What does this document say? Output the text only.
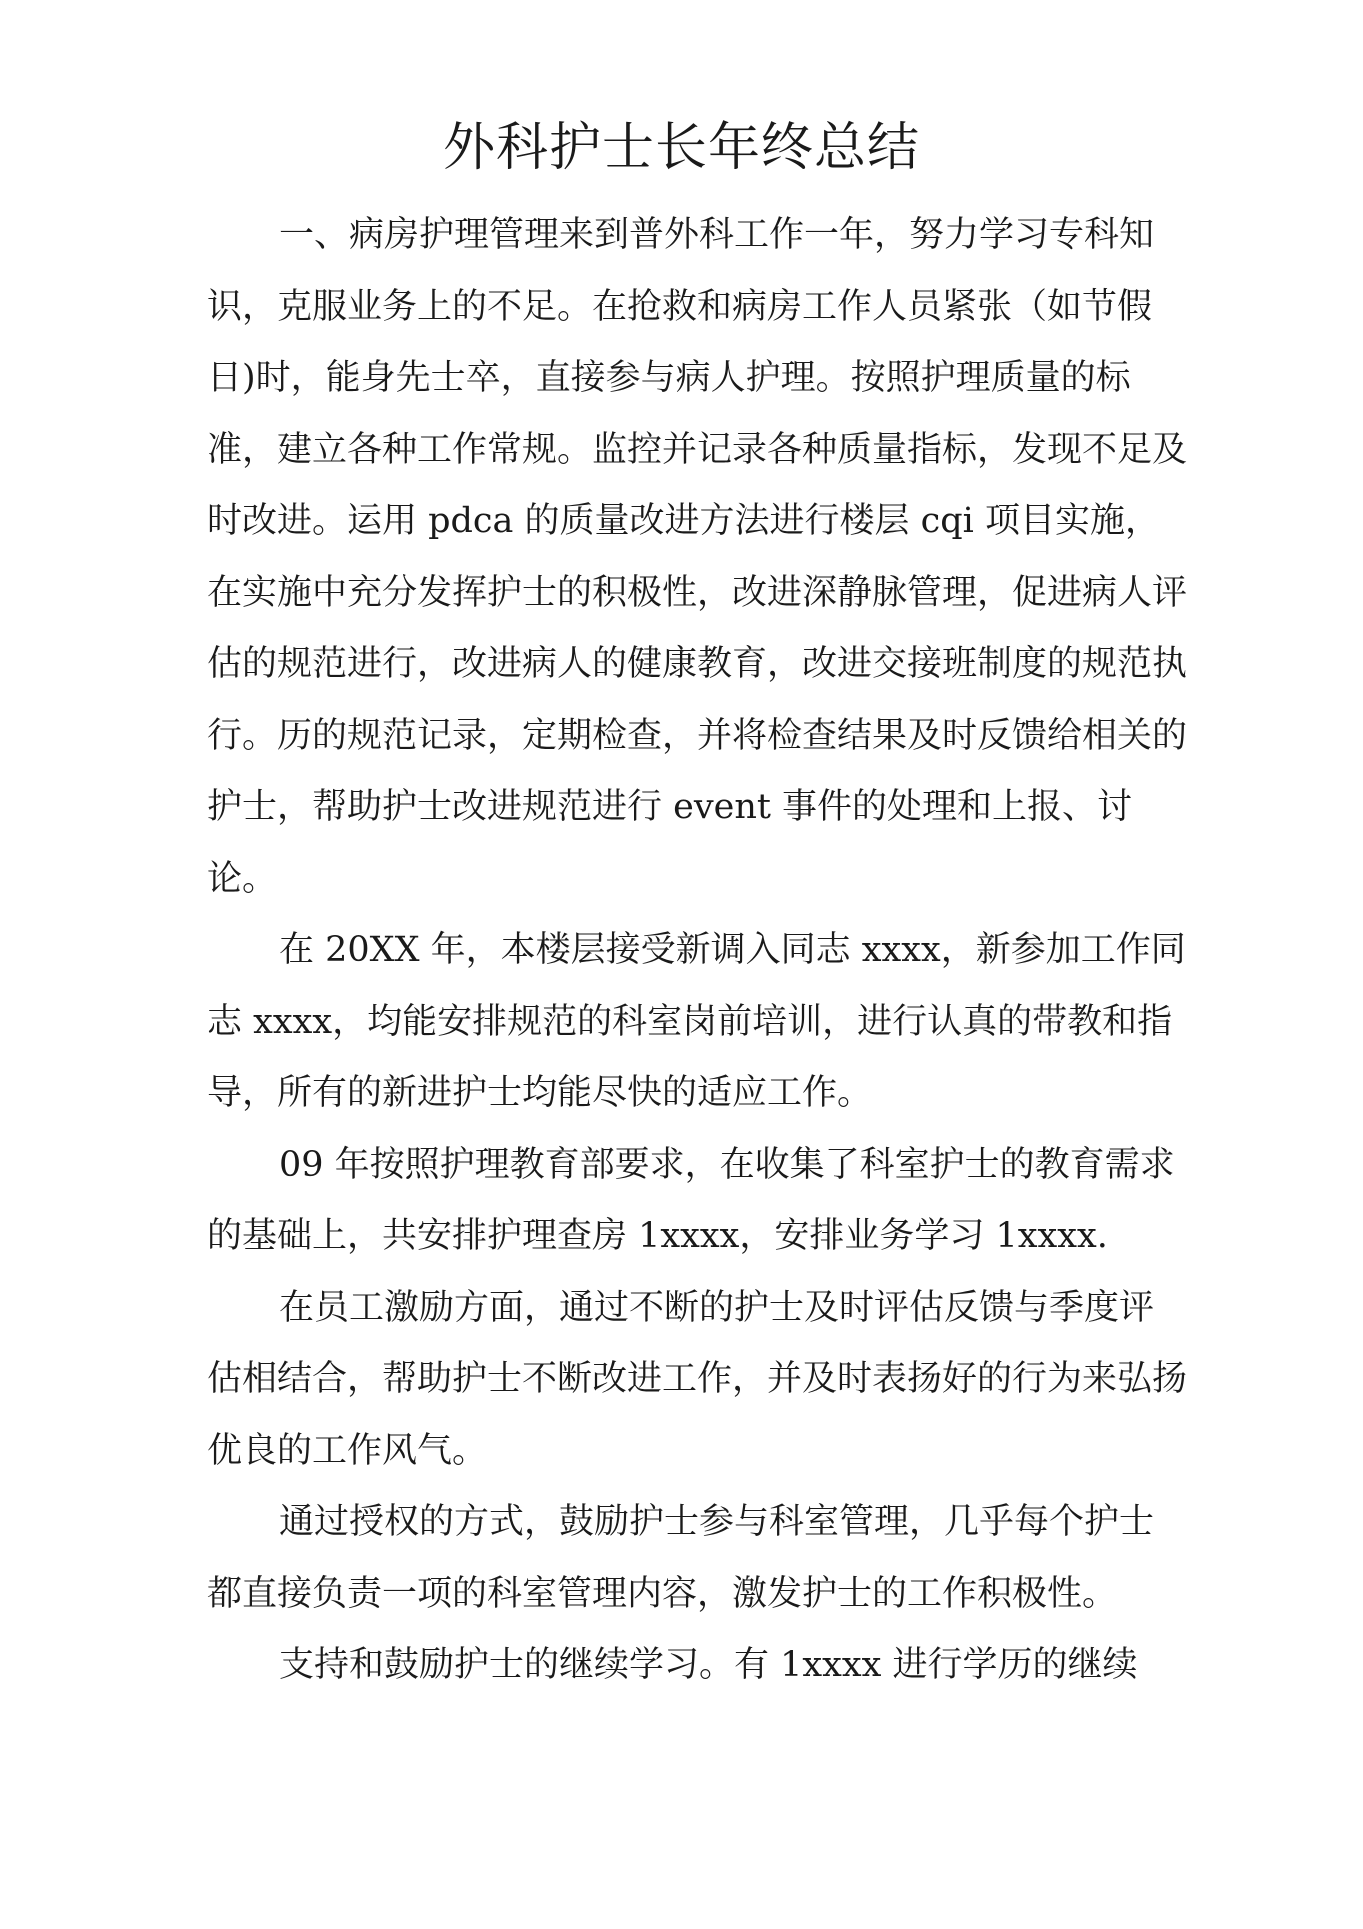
外科护士长年终总结

一、病房护理管理来到普外科工作一年，努力学习专科知识，克服业务上的不足。在抢救和病房工作人员紧张（如节假日)时，能身先士卒，直接参与病人护理。按照护理质量的标准，建立各种工作常规。监控并记录各种质量指标，发现不足及时改进。运用 pdca 的质量改进方法进行楼层 cqi 项目实施，在实施中充分发挥护士的积极性，改进深静脉管理，促进病人评估的规范进行，改进病人的健康教育，改进交接班制度的规范执行。历的规范记录，定期检查，并将检查结果及时反馈给相关的护士，帮助护士改进规范进行 event 事件的处理和上报、讨论。

在 20XX 年，本楼层接受新调入同志 xxxx，新参加工作同志 xxxx，均能安排规范的科室岗前培训，进行认真的带教和指导，所有的新进护士均能尽快的适应工作。

09 年按照护理教育部要求，在收集了科室护士的教育需求的基础上，共安排护理查房 1xxxx，安排业务学习 1xxxx.

在员工激励方面，通过不断的护士及时评估反馈与季度评估相结合，帮助护士不断改进工作，并及时表扬好的行为来弘扬优良的工作风气。

通过授权的方式，鼓励护士参与科室管理，几乎每个护士都直接负责一项的科室管理内容，激发护士的工作积极性。

支持和鼓励护士的继续学习。有 1xxxx 进行学历的继续
